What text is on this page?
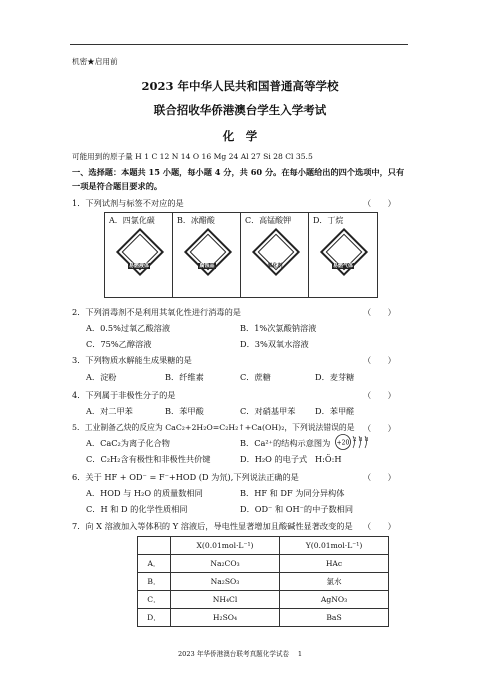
机密★启用前
2023 年中华人民共和国普通高等学校
联合招收华侨港澳台学生入学考试
化　学
可能用到的原子量 H 1 C 12 N 14 O 16 Mg 24 Al 27 Si 28 Cl 35.5
一、选择题：本题共 15 小题，每小题 4 分，共 60 分。在每小题给出的四个选项中，只有
一项是符合题目要求的。
1．下列试剂与标签不对应的是	（　　）
A．四氯化碳
易燃液体
B．冰醋酸
腐蚀品
C．高锰酸钾
氧化剂
D．丁烷
易燃气体
2．下列消毒剂不是利用其氧化性进行消毒的是	（　　）
A．0.5%过氧乙酸溶液	B．1%次氯酸钠溶液
C．75%乙醇溶液	D．3%双氧水溶液
3．下列物质水解能生成果糖的是	（　　）
A．淀粉	B．纤维素	C．蔗糖	D．麦芽糖
4．下列属于非极性分子的是	（　　）
A．对二甲苯	B．苯甲酸	C．对硝基甲苯 D．苯甲醛
5．工业制备乙炔的反应为 CaC₂+2H₂O=C₂H₂↑+Ca(OH)₂，下列说法错误的是 （　　）
A．CaC₂为离子化合物	B．Ca²⁺的结构示意图为 +20 2 8 8
C．C₂H₂含有极性和非极性共价键	D．H₂O 的电子式 H:Ö:H
6．关于 HF + OD⁻ = F⁻+HOD (D 为氘),下列说法正确的是	（　　）
A．HOD 与 H₂O 的质量数相同	B．HF 和 DF 为同分异构体
C．H 和 D 的化学性质相同	D．OD⁻ 和 OH⁻的中子数相同
7．向 X 溶液加入等体积的 Y 溶液后，导电性显著增加且酸碱性显著改变的是 （　　）
	X(0.01mol·L⁻¹)	Y(0.01mol·L⁻¹)
A．	Na₂CO₃	HAc
B．	Na₂SO₃	氯水
C．	NH₄Cl	AgNO₃
D．	H₂SO₄	BaS
2023 年华侨港澳台联考真题化学试卷　 1
